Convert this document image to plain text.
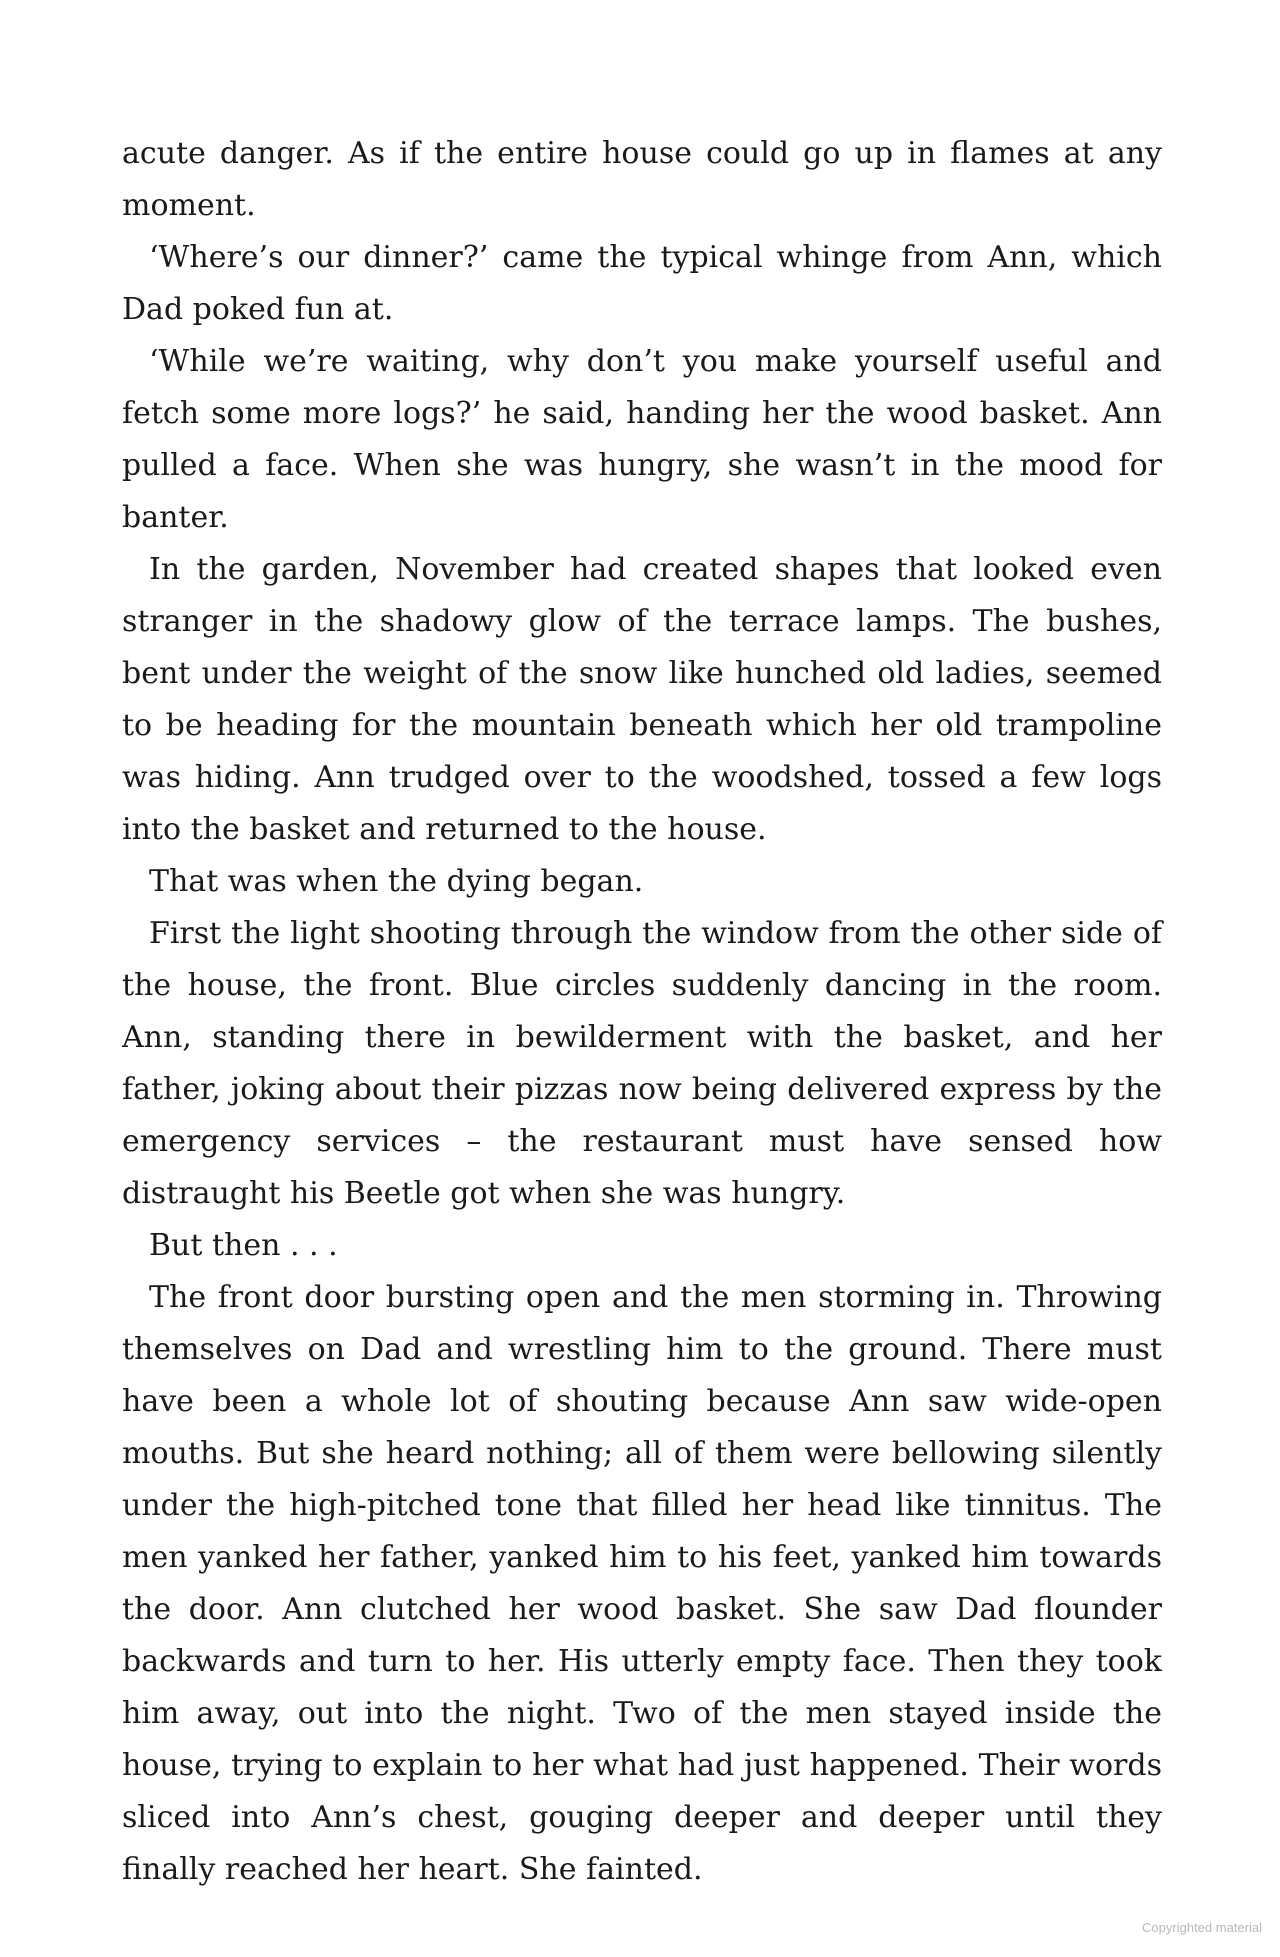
acute danger. As if the entire house could go up in flames at any moment.

‘Where’s our dinner?’ came the typical whinge from Ann, which Dad poked fun at.

‘While we’re waiting, why don’t you make yourself useful and fetch some more logs?’ he said, handing her the wood basket. Ann pulled a face. When she was hungry, she wasn’t in the mood for banter.

In the garden, November had created shapes that looked even stranger in the shadowy glow of the terrace lamps. The bushes, bent under the weight of the snow like hunched old ladies, seemed to be heading for the mountain beneath which her old trampoline was hiding. Ann trudged over to the woodshed, tossed a few logs into the basket and returned to the house.

That was when the dying began.

First the light shooting through the window from the other side of the house, the front. Blue circles suddenly dancing in the room. Ann, standing there in bewilderment with the basket, and her father, joking about their pizzas now being delivered express by the emergency services – the restaurant must have sensed how distraught his Beetle got when she was hungry.

But then . . .

The front door bursting open and the men storming in. Throwing themselves on Dad and wrestling him to the ground. There must have been a whole lot of shouting because Ann saw wide-open mouths. But she heard nothing; all of them were bellowing silently under the high-pitched tone that filled her head like tinnitus. The men yanked her father, yanked him to his feet, yanked him towards the door. Ann clutched her wood basket. She saw Dad flounder backwards and turn to her. His utterly empty face. Then they took him away, out into the night. Two of the men stayed inside the house, trying to explain to her what had just happened. Their words sliced into Ann’s chest, gouging deeper and deeper until they finally reached her heart. She fainted.

Copyrighted material
